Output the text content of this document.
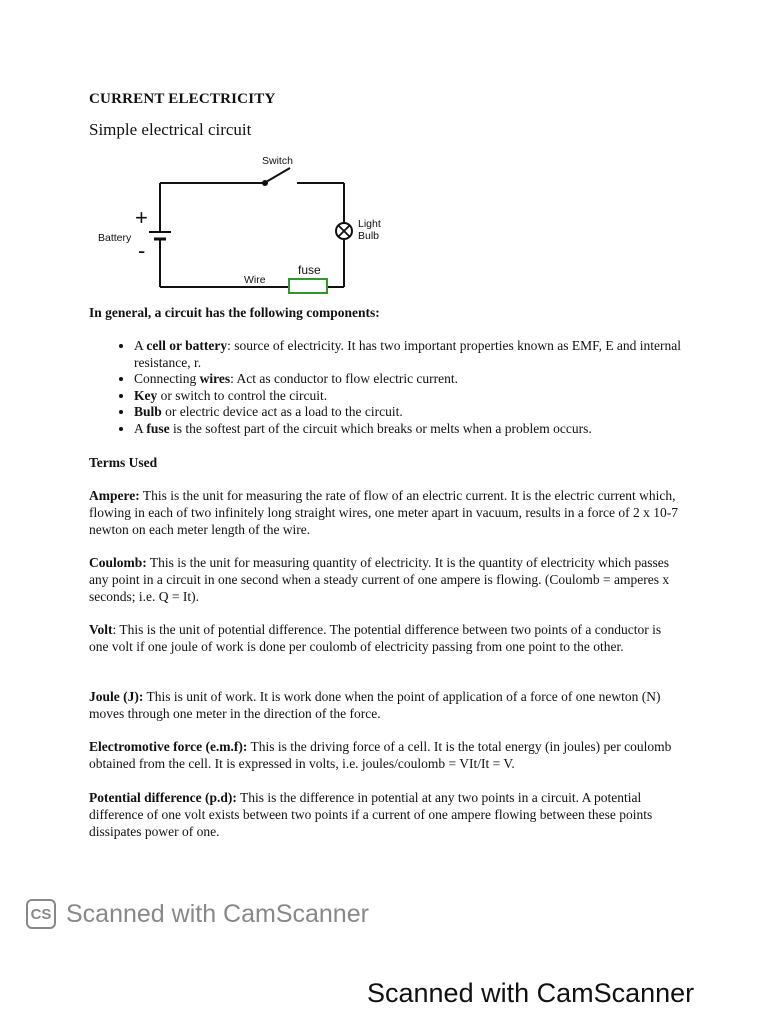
CURRENT ELECTRICITY
Simple electrical circuit
Switch
+
Battery -
Light
Bulb
fuse
Wire

In general, a circuit has the following components:

• A cell or battery: source of electricity. It has two important properties known as EMF, E and internal resistance, r.
• Connecting wires: Act as conductor to flow electric current.
• Key or switch to control the circuit.
• Bulb or electric device act as a load to the circuit.
• A fuse is the softest part of the circuit which breaks or melts when a problem occurs.

Terms Used

Ampere: This is the unit for measuring the rate of flow of an electric current. It is the electric current which, flowing in each of two infinitely long straight wires, one meter apart in vacuum, results in a force of 2 x 10-7 newton on each meter length of the wire.

Coulomb: This is the unit for measuring quantity of electricity. It is the quantity of electricity which passes any point in a circuit in one second when a steady current of one ampere is flowing. (Coulomb = amperes x seconds; i.e. Q = It).

Volt: This is the unit of potential difference. The potential difference between two points of a conductor is one volt if one joule of work is done per coulomb of electricity passing from one point to the other.

Joule (J): This is unit of work. It is work done when the point of application of a force of one newton (N) moves through one meter in the direction of the force.

Electromotive force (e.m.f): This is the driving force of a cell. It is the total energy (in joules) per coulomb obtained from the cell. It is expressed in volts, i.e. joules/coulomb = VIt/It = V.

Potential difference (p.d): This is the difference in potential at any two points in a circuit. A potential difference of one volt exists between two points if a current of one ampere flowing between these points dissipates power of one.

CS Scanned with CamScanner
Scanned with CamScanner
